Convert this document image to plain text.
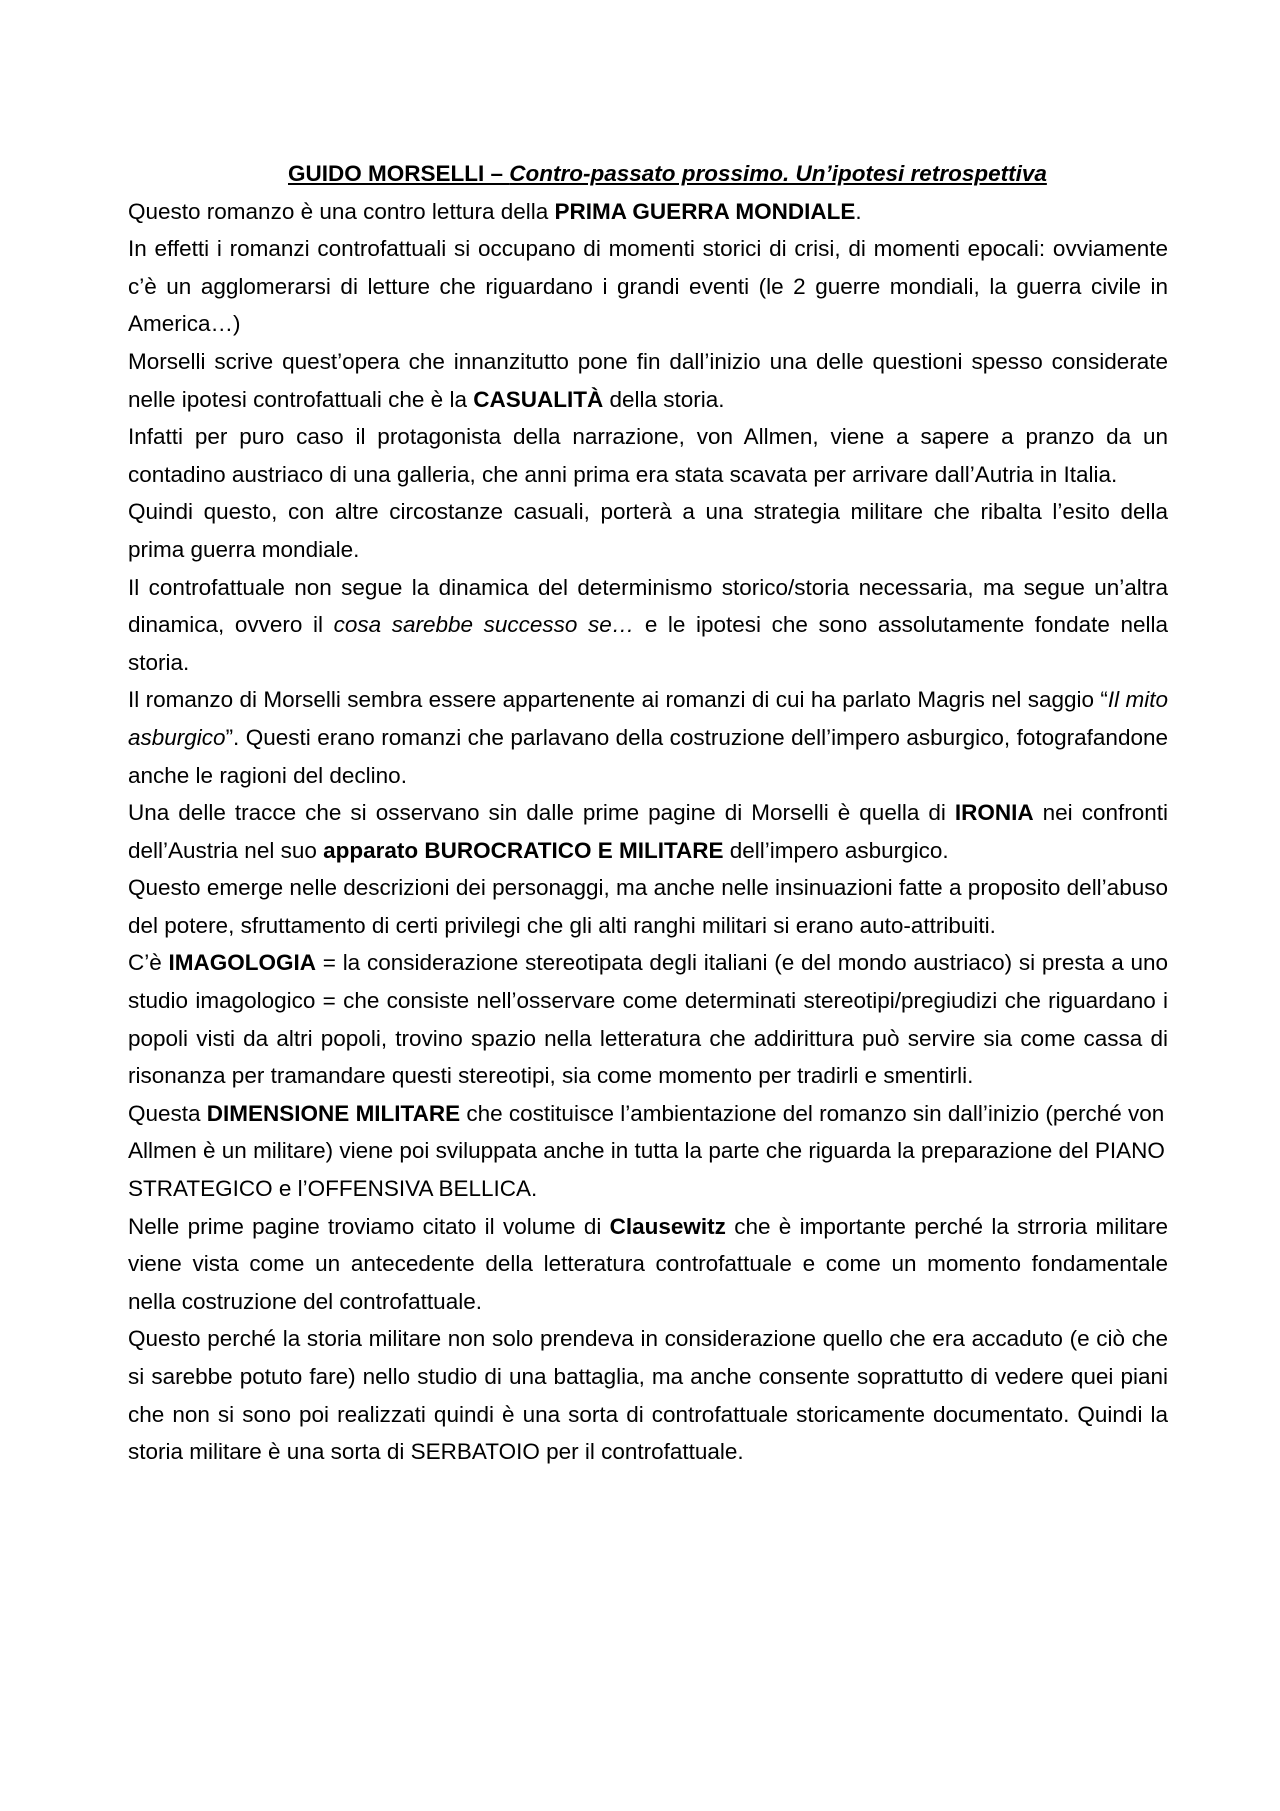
GUIDO MORSELLI – Contro-passato prossimo. Un’ipotesi retrospettiva

Questo romanzo è una contro lettura della PRIMA GUERRA MONDIALE.

In effetti i romanzi controfattuali si occupano di momenti storici di crisi, di momenti epocali: ovviamente c’è un agglomerarsi di letture che riguardano i grandi eventi (le 2 guerre mondiali, la guerra civile in America…)

Morselli scrive quest’opera che innanzitutto pone fin dall’inizio una delle questioni spesso considerate nelle ipotesi controfattuali che è la CASUALITÀ della storia.

Infatti per puro caso il protagonista della narrazione, von Allmen, viene a sapere a pranzo da un contadino austriaco di una galleria, che anni prima era stata scavata per arrivare dall’Autria in Italia.

Quindi questo, con altre circostanze casuali, porterà a una strategia militare che ribalta l’esito della prima guerra mondiale.

Il controfattuale non segue la dinamica del determinismo storico/storia necessaria, ma segue un’altra dinamica, ovvero il cosa sarebbe successo se… e le ipotesi che sono assolutamente fondate nella storia.

Il romanzo di Morselli sembra essere appartenente ai romanzi di cui ha parlato Magris nel saggio “Il mito asburgico”. Questi erano romanzi che parlavano della costruzione dell’impero asburgico, fotografandone anche le ragioni del declino.

Una delle tracce che si osservano sin dalle prime pagine di Morselli è quella di IRONIA nei confronti dell’Austria nel suo apparato BUROCRATICO E MILITARE dell’impero asburgico.

Questo emerge nelle descrizioni dei personaggi, ma anche nelle insinuazioni fatte a proposito dell’abuso del potere, sfruttamento di certi privilegi che gli alti ranghi militari si erano auto-attribuiti.

C’è IMAGOLOGIA = la considerazione stereotipata degli italiani (e del mondo austriaco) si presta a uno studio imagologico = che consiste nell’osservare come determinati stereotipi/pregiudizi che riguardano i popoli visti da altri popoli, trovino spazio nella letteratura che addirittura può servire sia come cassa di risonanza per tramandare questi stereotipi, sia come momento per tradirli e smentirli.

Questa DIMENSIONE MILITARE che costituisce l’ambientazione del romanzo sin dall’inizio (perché von Allmen è un militare) viene poi sviluppata anche in tutta la parte che riguarda la preparazione del PIANO

STRATEGICO e l’OFFENSIVA BELLICA.

Nelle prime pagine troviamo citato il volume di Clausewitz che è importante perché la strroria militare viene vista come un antecedente della letteratura controfattuale e come un momento fondamentale nella costruzione del controfattuale.

Questo perché la storia militare non solo prendeva in considerazione quello che era accaduto (e ciò che si sarebbe potuto fare) nello studio di una battaglia, ma anche consente soprattutto di vedere quei piani che non si sono poi realizzati quindi è una sorta di controfattuale storicamente documentato. Quindi la storia militare è una sorta di SERBATOIO per il controfattuale.
